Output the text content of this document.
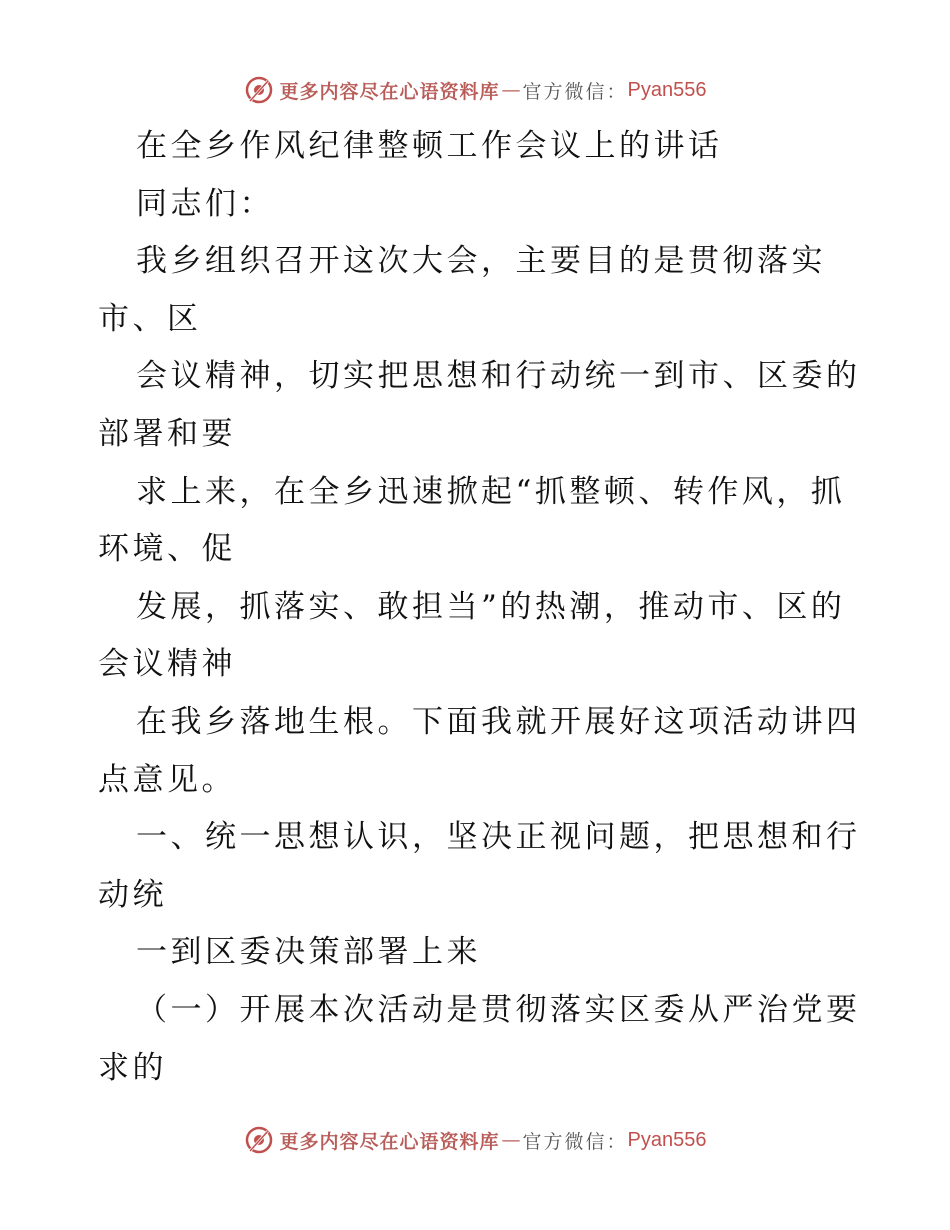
更多内容尽在心语资料库 — 官方微信： Pyan556
在全乡作风纪律整顿工作会议上的讲话
同志们：
我乡组织召开这次大会，主要目的是贯彻落实
市、区
会议精神，切实把思想和行动统一到市、区委的
部署和要
求上来，在全乡迅速掀起“抓整顿、转作风，抓
环境、促
发展，抓落实、敢担当”的热潮，推动市、区的
会议精神
在我乡落地生根。下面我就开展好这项活动讲四
点意见。
一、统一思想认识，坚决正视问题，把思想和行
动统
一到区委决策部署上来
（一）开展本次活动是贯彻落实区委从严治党要
求的
更多内容尽在心语资料库 — 官方微信： Pyan556
